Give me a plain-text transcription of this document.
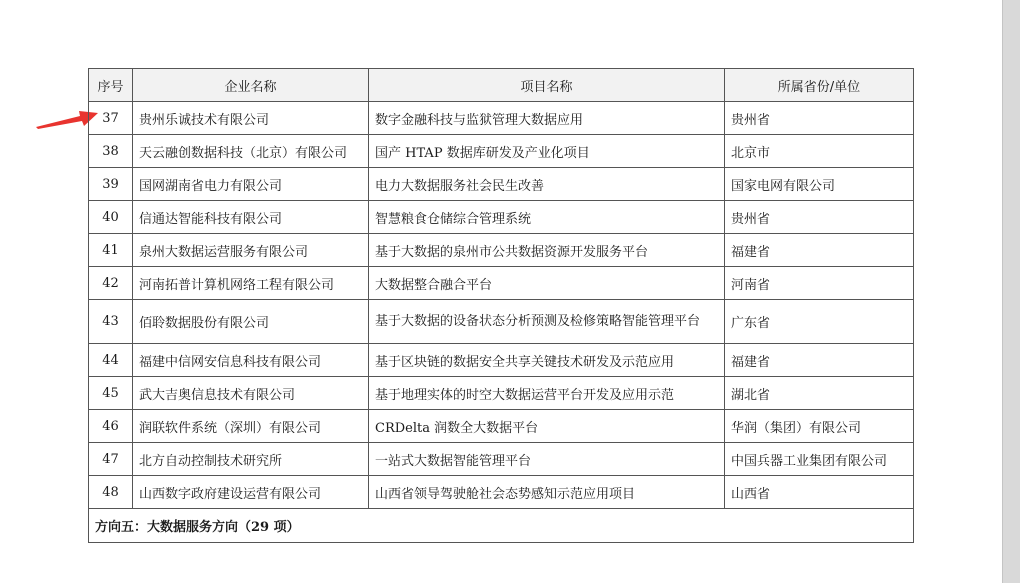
序号	企业名称	项目名称	所属省份/单位
37	贵州乐诚技术有限公司	数字金融科技与监狱管理大数据应用	贵州省
38	天云融创数据科技（北京）有限公司	国产 HTAP 数据库研发及产业化项目	北京市
39	国网湖南省电力有限公司	电力大数据服务社会民生改善	国家电网有限公司
40	信通达智能科技有限公司	智慧粮食仓储综合管理系统	贵州省
41	泉州大数据运营服务有限公司	基于大数据的泉州市公共数据资源开发服务平台	福建省
42	河南拓普计算机网络工程有限公司	大数据整合融合平台	河南省
43	佰聆数据股份有限公司	基于大数据的设备状态分析预测及检修策略智能管理平台	广东省
44	福建中信网安信息科技有限公司	基于区块链的数据安全共享关键技术研发及示范应用	福建省
45	武大吉奥信息技术有限公司	基于地理实体的时空大数据运营平台开发及应用示范	湖北省
46	润联软件系统（深圳）有限公司	CRDelta 润数全大数据平台	华润（集团）有限公司
47	北方自动控制技术研究所	一站式大数据智能管理平台	中国兵器工业集团有限公司
48	山西数字政府建设运营有限公司	山西省领导驾驶舱社会态势感知示范应用项目	山西省
方向五：大数据服务方向（29 项）			
